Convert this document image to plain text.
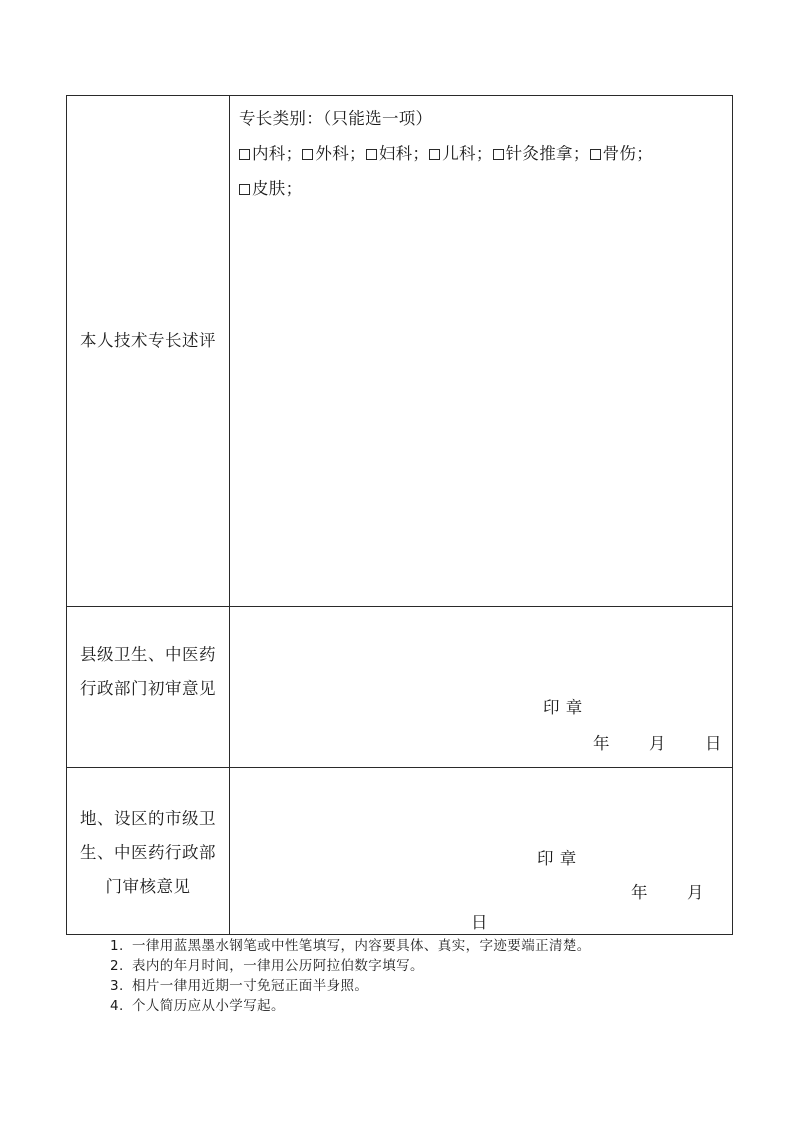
本人技术专长述评
专长类别：（只能选一项）
内科； 外科； 妇科； 儿科； 针灸推拿； 骨伤；
皮肤；
县级卫生、中医药
行政部门初审意见
印 章
年 月 日
地、设区的市级卫
生、中医药行政部
门审核意见
印 章
年 月
日
1. 一律用蓝黑墨水钢笔或中性笔填写，内容要具体、真实，字迹要端正清楚。
2. 表内的年月时间，一律用公历阿拉伯数字填写。
3. 相片一律用近期一寸免冠正面半身照。
4. 个人简历应从小学写起。
